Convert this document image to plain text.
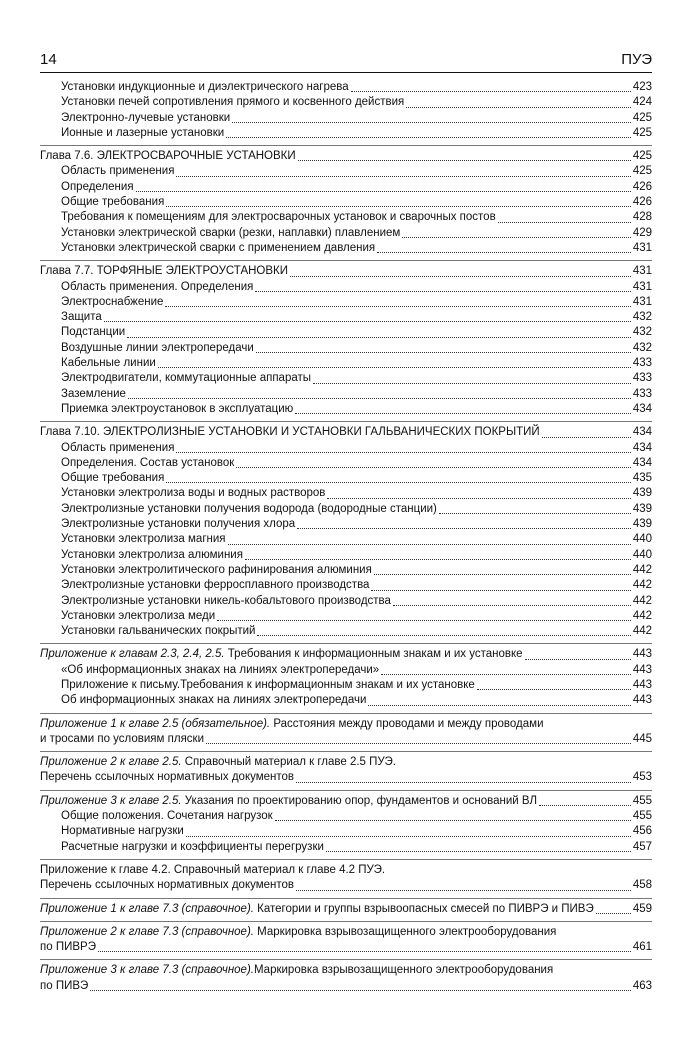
14	ПУЭ
Установки индукционные и диэлектрического нагрева	423
Установки печей сопротивления прямого и косвенного действия	424
Электронно-лучевые установки	425
Ионные и лазерные установки	425
Глава 7.6. ЭЛЕКТРОСВАРОЧНЫЕ УСТАНОВКИ	425
Область применения	425
Определения	426
Общие требования	426
Требования к помещениям для электросварочных установок и сварочных постов	428
Установки электрической сварки (резки, наплавки) плавлением	429
Установки электрической сварки с применением давления	431
Глава 7.7. ТОРФЯНЫЕ ЭЛЕКТРОУСТАНОВКИ	431
Область применения. Определения	431
Электроснабжение	431
Защита	432
Подстанции	432
Воздушные линии электропередачи	432
Кабельные линии	433
Электродвигатели, коммутационные аппараты	433
Заземление	433
Приемка электроустановок в эксплуатацию	434
Глава 7.10. ЭЛЕКТРОЛИЗНЫЕ УСТАНОВКИ И УСТАНОВКИ ГАЛЬВАНИЧЕСКИХ ПОКРЫТИЙ	434
Область применения	434
Определения. Состав установок	434
Общие требования	435
Установки электролиза воды и водных растворов	439
Электролизные установки получения водорода (водородные станции)	439
Электролизные установки получения хлора	439
Установки электролиза магния	440
Установки электролиза алюминия	440
Установки электролитического рафинирования алюминия	442
Электролизные установки ферросплавного производства	442
Электролизные установки никель-кобальтового производства	442
Установки электролиза меди	442
Установки гальванических покрытий	442
Приложение к главам 2.3, 2.4, 2.5. Требования к информационным знакам и их установке	443
«Об информационных знаках на линиях электропередачи»	443
Приложение к письму.Требования к информационным знакам и их установке	443
Об информационных знаках на линиях электропередачи	443
Приложение 1 к главе 2.5 (обязательное). Расстояния между проводами и между проводами
и тросами по условиям пляски	445
Приложение 2 к главе 2.5. Справочный материал к главе 2.5 ПУЭ.
Перечень ссылочных нормативных документов	453
Приложение 3 к главе 2.5. Указания по проектированию опор, фундаментов и оснований ВЛ	455
Общие положения. Сочетания нагрузок	455
Нормативные нагрузки	456
Расчетные нагрузки и коэффициенты перегрузки	457
Приложение к главе 4.2. Справочный материал к главе 4.2 ПУЭ.
Перечень ссылочных нормативных документов	458
Приложение 1 к главе 7.3 (справочное). Категории и группы взрывоопасных смесей по ПИВРЭ и ПИВЭ	459
Приложение 2 к главе 7.3 (справочное). Маркировка взрывозащищенного электрооборудования
по ПИВРЭ	461
Приложение 3 к главе 7.3 (справочное).Маркировка взрывозащищенного электрооборудования
по ПИВЭ	463
